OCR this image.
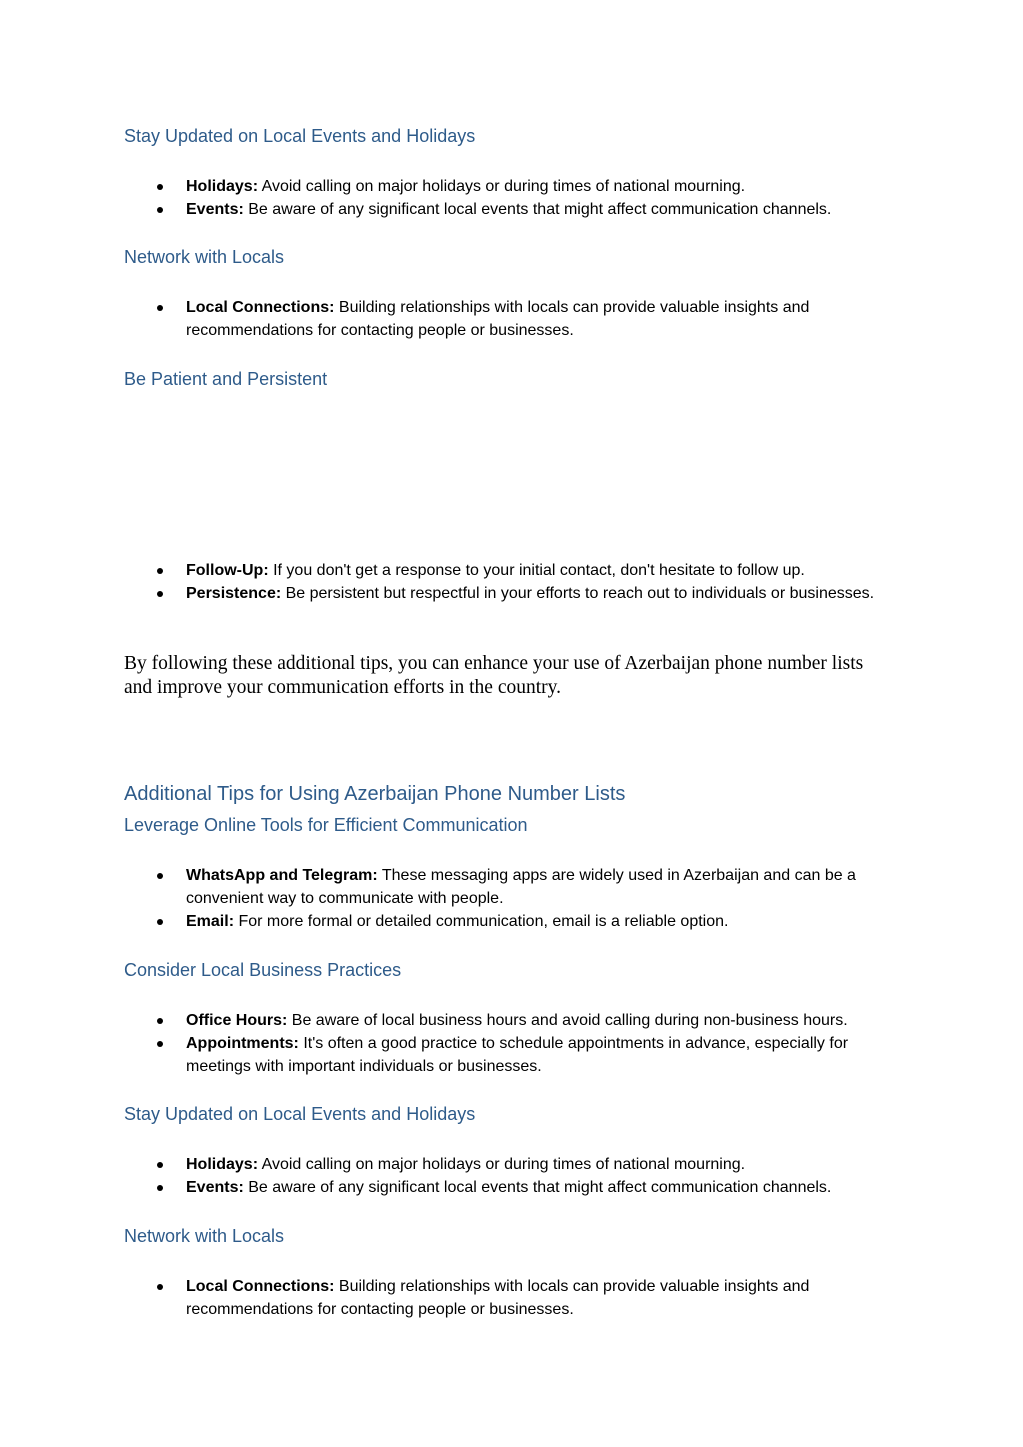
Stay Updated on Local Events and Holidays
Holidays: Avoid calling on major holidays or during times of national mourning.
Events: Be aware of any significant local events that might affect communication channels.
Network with Locals
Local Connections: Building relationships with locals can provide valuable insights and recommendations for contacting people or businesses.
Be Patient and Persistent
Follow-Up: If you don't get a response to your initial contact, don't hesitate to follow up.
Persistence: Be persistent but respectful in your efforts to reach out to individuals or businesses.

By following these additional tips, you can enhance your use of Azerbaijan phone number lists and improve your communication efforts in the country.

Additional Tips for Using Azerbaijan Phone Number Lists
Leverage Online Tools for Efficient Communication
WhatsApp and Telegram: These messaging apps are widely used in Azerbaijan and can be a convenient way to communicate with people.
Email: For more formal or detailed communication, email is a reliable option.
Consider Local Business Practices
Office Hours: Be aware of local business hours and avoid calling during non-business hours.
Appointments: It's often a good practice to schedule appointments in advance, especially for meetings with important individuals or businesses.
Stay Updated on Local Events and Holidays
Holidays: Avoid calling on major holidays or during times of national mourning.
Events: Be aware of any significant local events that might affect communication channels.
Network with Locals
Local Connections: Building relationships with locals can provide valuable insights and recommendations for contacting people or businesses.
